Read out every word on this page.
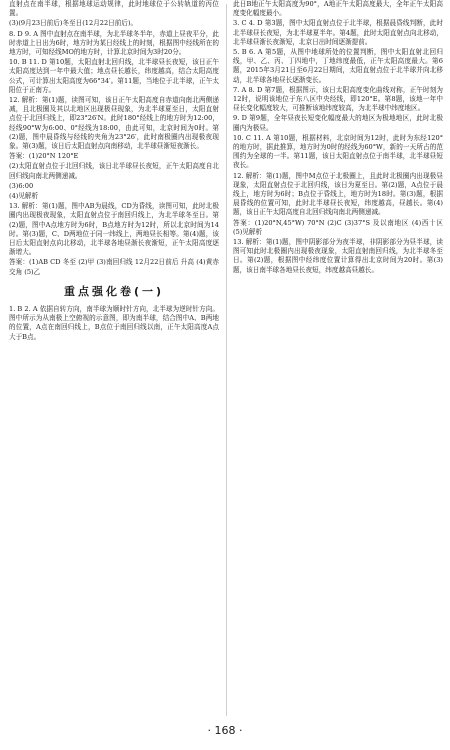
直射点在南半球，根据地球运动规律，此时地球位于公转轨道的丙位置。

(3)(9月23日前后)冬至日(12月22日前后)。

8. D 9. A 图中直射点在南半球，为北半球冬半年，赤道上昼夜平分，此时赤道上日出为6时，地方时为某日经线上的时刻，根据图中经线所在的地方时，可知经线MO的地方时，计算北京时间为3时20分。

10. B 11. D 第10题，太阳直射北回归线，北半球昼长夜短，该日正午太阳高度达到一年中最大值；地点昼长越长，纬度越高，结合太阳高度公式，可计算出太阳高度为66°34′。第11题，当地位于北半球，正午太阳位于正南方。

12. 解析：第(1)题，读图可知，该日正午太阳高度自赤道向南北两侧递减，且北极圈及其以北地区出现极昼现象，为北半球夏至日，太阳直射点位于北回归线上，即23°26′N。此时180°经线上的地方时为12:00，经线90°W为6:00、0°经线为18:00，由此可知，北京时间为0时。第(2)题，图中晨昏线与经线的夹角为23°26′，此时南极圈内出现极夜现象。第(3)题，该日后太阳直射点向南移动，北半球昼渐短夜渐长。

答案：(1)20°N 120°E

(2)太阳直射点位于北回归线，该日北半球昼长夜短，正午太阳高度自北回归线向南北两侧递减。

(3)6:00

(4)见解析

13. 解析：第(1)题，图中AB为晨线，CD为昏线，读图可知，此时北极圈内出现极夜现象，太阳直射点位于南回归线上，为北半球冬至日。第(2)题，图中A点地方时为6时，B点地方时为12时，所以北京时间为14时。第(3)题，C、D两地位于同一纬线上，两地昼长相等。第(4)题，该日后太阳直射点向北移动，北半球各地昼渐长夜渐短，正午太阳高度逐渐增大。

答案：(1)AB CD 冬至 (2)甲 (3)南回归线 12月22日前后 升高 (4)黄赤交角 (5)乙

重点强化卷(一)

1. B 2. A 依据自转方向，南半球为顺时针方向，北半球为逆时针方向。图中所示为从南极上空俯视的示意图，即为南半球，结合图中A、B两地的位置，A点在南回归线上，B点位于南回归线以南，正午太阳高度A点大于B点。

此日B地正午太阳高度为90°，A地正午太阳高度最大，全年正午太阳高度变化幅度最小。

3. C 4. D 第3题，图中太阳直射点位于北半球，根据晨昏线判断，此时北半球昼长夜短，为北半球夏半年。第4题，此时太阳直射点向北移动，北半球昼渐长夜渐短，北京日出时间逐渐提前。

5. B 6. A 第5题，从图中地球所处的位置判断，图中太阳直射北回归线，甲、乙、丙、丁四地中，丁地纬度最低，正午太阳高度最大。第6题，2015年3月21日至6月22日期间，太阳直射点位于北半球并向北移动，北半球各地昼长逐渐变长。

7. A 8. D 第7题，根据图示，该日太阳高度变化曲线对称，正午时刻为12时，说明该地位于东八区中央经线，即120°E。第8题，该地一年中昼长变化幅度较大，可推断该地纬度较高，为北半球中纬度地区。

9. D 第9题，全年昼夜长短变化幅度最大的地区为极地地区，此时北极圈内为极昼。

10. C 11. A 第10题，根据材料，北京时间为12时，此时为东经120°的地方时，据此推算，地方时为0时的经线为60°W，新的一天所占的范围约为全球的一半。第11题，该日太阳直射点位于南半球，北半球昼短夜长。

12. 解析：第(1)题，图中M点位于北极圈上，且此时北极圈内出现极昼现象，太阳直射点位于北回归线，该日为夏至日。第(2)题，A点位于晨线上，地方时为6时；B点位于昏线上，地方时为18时。第(3)题，根据晨昏线的位置可知，此时北半球昼长夜短，纬度越高，昼越长。第(4)题，该日正午太阳高度自北回归线向南北两侧递减。

答案：(1)20°N,45°W) 70°N (2)C (3)37°S 及以南地区 (4)西十区 (5)见解析

13. 解析：第(1)题，图中阴影部分为夜半球，非阴影部分为昼半球，读图可知此时北极圈内出现极夜现象，太阳直射南回归线，为北半球冬至日。第(2)题，根据图中经纬度位置计算得出北京时间为20时。第(3)题，该日南半球各地昼长夜短，纬度越高昼越长。

· 168 ·
